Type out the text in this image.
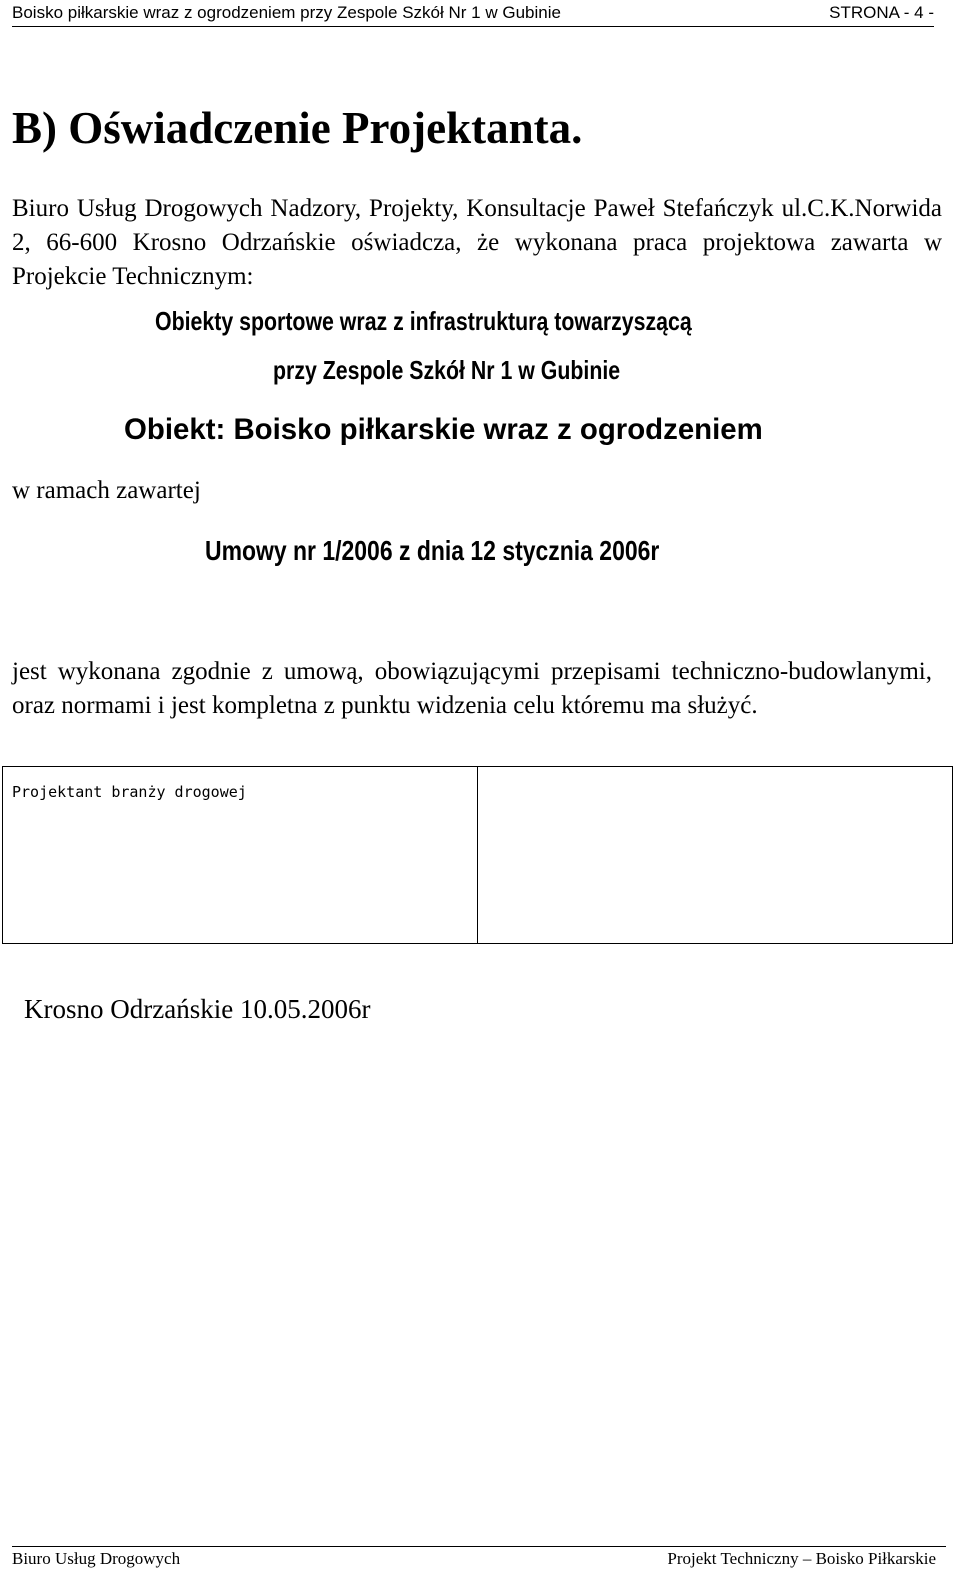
Boisko piłkarskie wraz z ogrodzeniem przy Zespole Szkół Nr 1 w Gubinie	STRONA - 4 -
B) Oświadczenie Projektanta.

Biuro Usług Drogowych Nadzory, Projekty, Konsultacje Paweł Stefańczyk ul.C.K.Norwida 2, 66-600 Krosno Odrzańskie oświadcza, że wykonana praca projektowa zawarta w Projekcie Technicznym:

Obiekty sportowe wraz z infrastrukturą towarzyszącą

przy Zespole Szkół Nr 1 w Gubinie

Obiekt: Boisko piłkarskie wraz z ogrodzeniem

w ramach zawartej

Umowy nr 1/2006 z dnia 12 stycznia 2006r

jest wykonana zgodnie z umową, obowiązującymi przepisami techniczno-budowlanymi, oraz normami i jest kompletna z punktu widzenia celu któremu ma służyć.

Projektant branży drogowej
Krosno Odrzańskie 10.05.2006r
Biuro Usług Drogowych	Projekt Techniczny – Boisko Piłkarskie
